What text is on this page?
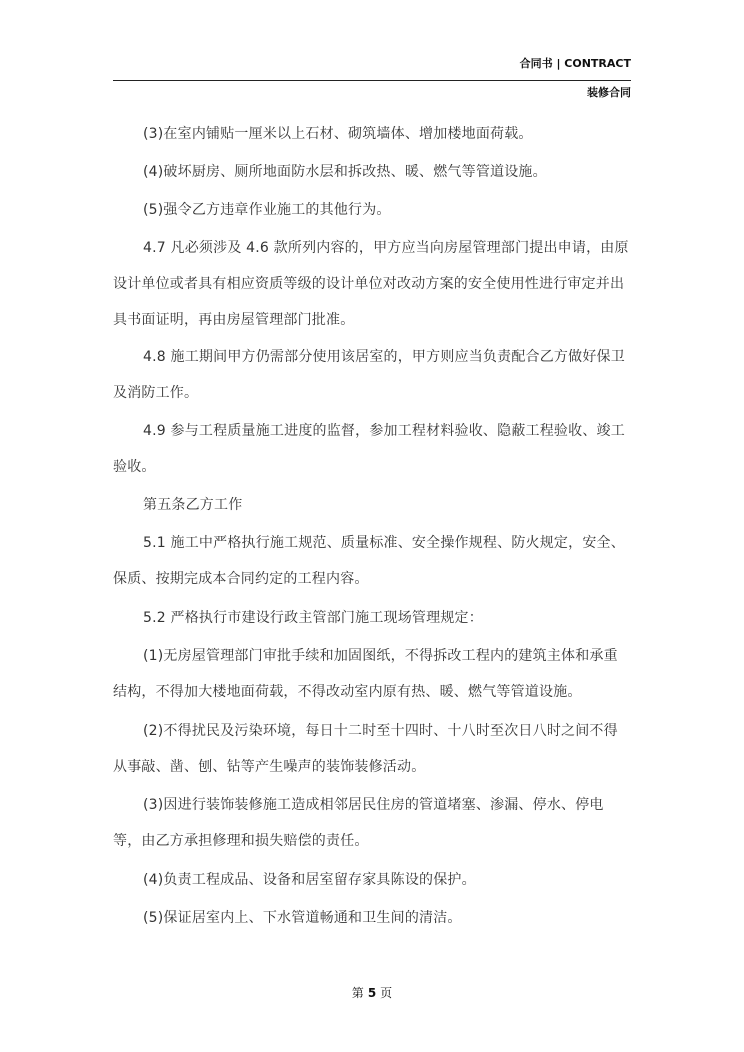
合同书 | CONTRACT
装修合同

(3)在室内铺贴一厘米以上石材、砌筑墙体、增加楼地面荷载。

(4)破坏厨房、厕所地面防水层和拆改热、暖、燃气等管道设施。

(5)强令乙方违章作业施工的其他行为。

4.7 凡必须涉及 4.6 款所列内容的，甲方应当向房屋管理部门提出申请，由原设计单位或者具有相应资质等级的设计单位对改动方案的安全使用性进行审定并出具书面证明，再由房屋管理部门批准。

4.8 施工期间甲方仍需部分使用该居室的，甲方则应当负责配合乙方做好保卫及消防工作。

4.9 参与工程质量施工进度的监督，参加工程材料验收、隐蔽工程验收、竣工验收。

第五条乙方工作

5.1 施工中严格执行施工规范、质量标准、安全操作规程、防火规定，安全、保质、按期完成本合同约定的工程内容。

5.2 严格执行市建设行政主管部门施工现场管理规定：

(1)无房屋管理部门审批手续和加固图纸，不得拆改工程内的建筑主体和承重结构，不得加大楼地面荷载，不得改动室内原有热、暖、燃气等管道设施。

(2)不得扰民及污染环境，每日十二时至十四时、十八时至次日八时之间不得从事敲、凿、刨、钻等产生噪声的装饰装修活动。

(3)因进行装饰装修施工造成相邻居民住房的管道堵塞、渗漏、停水、停电等，由乙方承担修理和损失赔偿的责任。

(4)负责工程成品、设备和居室留存家具陈设的保护。

(5)保证居室内上、下水管道畅通和卫生间的清洁。

第 5 页
